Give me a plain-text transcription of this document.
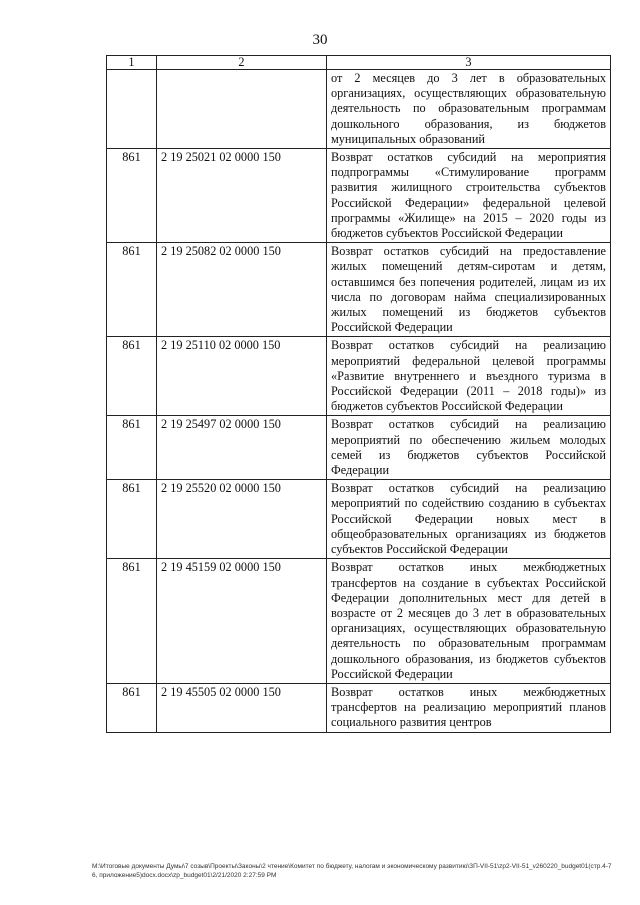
30
1	2	3
		от 2 месяцев до 3 лет в образовательных организациях, осуществляющих образовательную деятельность по образовательным программам дошкольного образования, из бюджетов муниципальных образований
861	2 19 25021 02 0000 150	Возврат остатков субсидий на мероприятия подпрограммы «Стимулирование программ развития жилищного строительства субъектов Российской Федерации» федеральной целевой программы «Жилище» на 2015 – 2020 годы из бюджетов субъектов Российской Федерации
861	2 19 25082 02 0000 150	Возврат остатков субсидий на предоставление жилых помещений детям-сиротам и детям, оставшимся без попечения родителей, лицам из их числа по договорам найма специализированных жилых помещений из бюджетов субъектов Российской Федерации
861	2 19 25110 02 0000 150	Возврат остатков субсидий на реализацию мероприятий федеральной целевой программы «Развитие внутреннего и въездного туризма в Российской Федерации (2011 – 2018 годы)» из бюджетов субъектов Российской Федерации
861	2 19 25497 02 0000 150	Возврат остатков субсидий на реализацию мероприятий по обеспечению жильем молодых семей из бюджетов субъектов Российской Федерации
861	2 19 25520 02 0000 150	Возврат остатков субсидий на реализацию мероприятий по содействию созданию в субъектах Российской Федерации новых мест в общеобразовательных организациях из бюджетов субъектов Российской Федерации
861	2 19 45159 02 0000 150	Возврат остатков иных межбюджетных трансфертов на создание в субъектах Российской Федерации дополнительных мест для детей в возрасте от 2 месяцев до 3 лет в образовательных организациях, осуществляющих образовательную деятельность по образовательным программам дошкольного образования, из бюджетов субъектов Российской Федерации
861	2 19 45505 02 0000 150	Возврат остатков иных межбюджетных трансфертов на реализацию мероприятий планов социального развития центров
M:\Итоговые документы Думы\7 созыв\Проекты\Законы\2 чтение\Комитет по бюджету, налогам и экономическому развитию\ЗП-VII-51\zp2-VII-51_v260220_budget01(стр.4-76, приложение5)docx.docx\zp_budget01\2/21/2020 2:27:59 PM
